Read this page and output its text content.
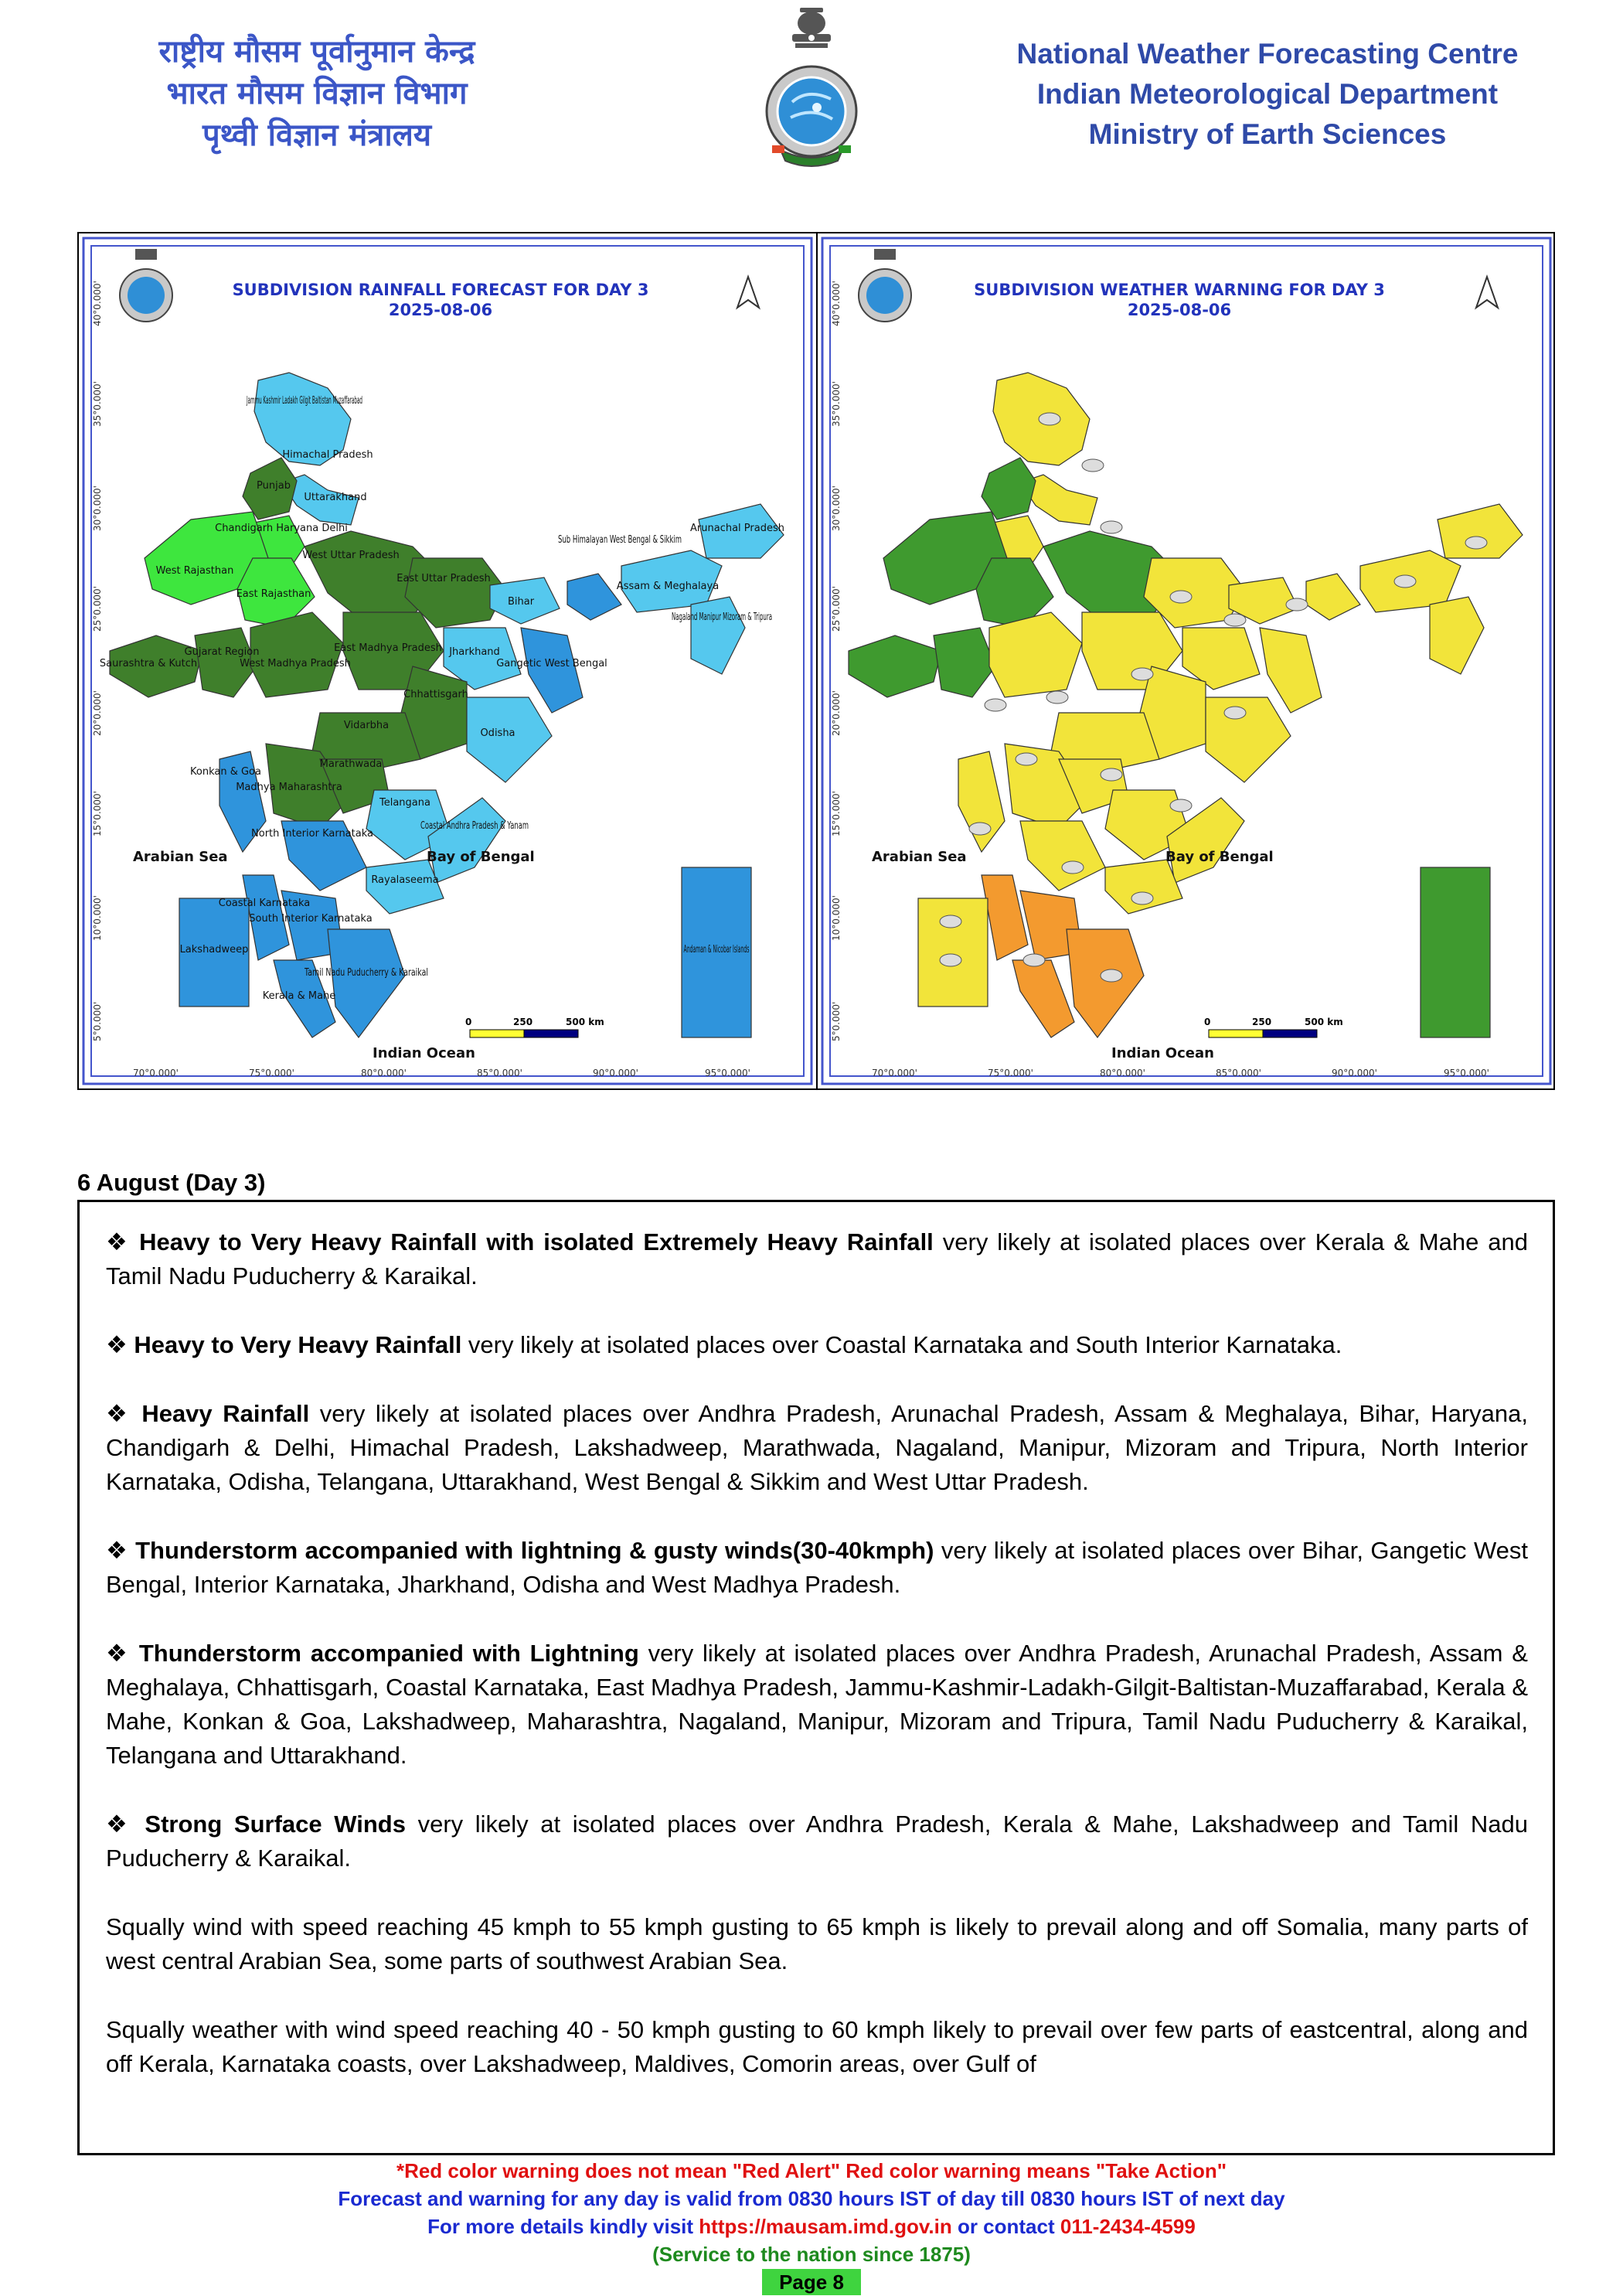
राष्ट्रीय मौसम पूर्वानुमान केन्द्र
भारत मौसम विज्ञान विभाग
पृथ्वी विज्ञान मंत्रालय
National Weather Forecasting Centre
Indian Meteorological Department
Ministry of Earth Sciences
40°0.000'
35°0.000'
30°0.000'
25°0.000'
20°0.000'
15°0.000'
10°0.000'
5°0.000'
70°0.000'	75°0.000'	80°0.000'	85°0.000'	90°0.000'	95°0.000'
SUBDIVISION RAINFALL FORECAST FOR DAY 3
2025-08-06
Jammu Kashmir Ladakh Gilgit Baltistan Muzaffarabad
Himachal Pradesh
Punjab
Uttarakhand
Chandigarh Haryana Delhi
West Uttar Pradesh
East Uttar Pradesh
West Rajasthan
East Rajasthan
Bihar
Sub Himalayan West Bengal & Sikkim
Arunachal Pradesh
Assam & Meghalaya
Nagaland Manipur Mizoram & Tripura
Gujarat Region
Saurashtra & Kutch	West Madhya Pradesh
East Madhya Pradesh Jharkhand
Gangetic West Bengal
Chhattisgarh
Vidarbha
Odisha
Konkan & Goa
Madhya Maharashtra
Marathwada
North Interior Karnataka
Telangana
Coastal Andhra Pradesh & Yanam
Rayalaseema
Coastal Karnataka
South Interior Karnataka
Tamil Nadu Puducherry & Karaikal
Kerala & Mahe
Lakshadweep	Andaman & Nicobar Islands
Arabian Sea	Bay of Bengal
Indian Ocean
0	250	500 km
40°0.000'
35°0.000'
30°0.000'
25°0.000'
20°0.000'
15°0.000'
10°0.000'
5°0.000'
70°0.000'	75°0.000'	80°0.000'	85°0.000'	90°0.000'	95°0.000'
SUBDIVISION WEATHER WARNING FOR DAY 3
2025-08-06
Arabian Sea	Bay of Bengal
Indian Ocean
0	250	500 km
6 August (Day 3)

❖ Heavy to Very Heavy Rainfall with isolated Extremely Heavy Rainfall very likely at isolated places over Kerala & Mahe and Tamil Nadu Puducherry & Karaikal.

❖ Heavy to Very Heavy Rainfall very likely at isolated places over Coastal Karnataka and South Interior Karnataka.

❖ Heavy Rainfall very likely at isolated places over Andhra Pradesh, Arunachal Pradesh, Assam & Meghalaya, Bihar, Haryana, Chandigarh & Delhi, Himachal Pradesh, Lakshadweep, Marathwada, Nagaland, Manipur, Mizoram and Tripura, North Interior Karnataka, Odisha, Telangana, Uttarakhand, West Bengal & Sikkim and West Uttar Pradesh.

❖ Thunderstorm accompanied with lightning & gusty winds(30-40kmph) very likely at isolated places over Bihar, Gangetic West Bengal, Interior Karnataka, Jharkhand, Odisha and West Madhya Pradesh.

❖ Thunderstorm accompanied with Lightning very likely at isolated places over Andhra Pradesh, Arunachal Pradesh, Assam & Meghalaya, Chhattisgarh, Coastal Karnataka, East Madhya Pradesh, Jammu-Kashmir-Ladakh-Gilgit-Baltistan-Muzaffarabad, Kerala & Mahe, Konkan & Goa, Lakshadweep, Maharashtra, Nagaland, Manipur, Mizoram and Tripura, Tamil Nadu Puducherry & Karaikal, Telangana and Uttarakhand.

❖ Strong Surface Winds very likely at isolated places over Andhra Pradesh, Kerala & Mahe, Lakshadweep and Tamil Nadu Puducherry & Karaikal.

Squally wind with speed reaching 45 kmph to 55 kmph gusting to 65 kmph is likely to prevail along and off Somalia, many parts of west central Arabian Sea, some parts of southwest Arabian Sea.

Squally weather with wind speed reaching 40 - 50 kmph gusting to 60 kmph likely to prevail over few parts of eastcentral, along and off Kerala, Karnataka coasts, over Lakshadweep, Maldives, Comorin areas, over Gulf of

*Red color warning does not mean "Red Alert" Red color warning means "Take Action"
Forecast and warning for any day is valid from 0830 hours IST of day till 0830 hours IST of next day
For more details kindly visit https://mausam.imd.gov.in or contact 011-2434-4599
(Service to the nation since 1875)
Page 8
